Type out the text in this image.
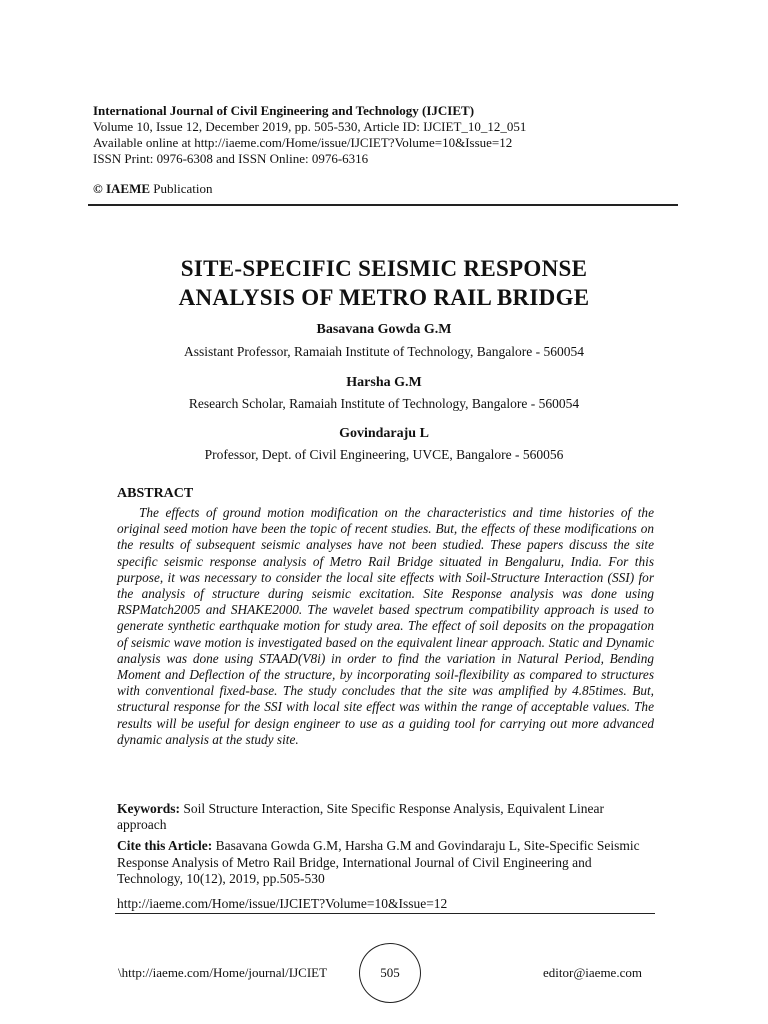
International Journal of Civil Engineering and Technology (IJCIET)
Volume 10, Issue 12, December 2019, pp. 505-530, Article ID: IJCIET_10_12_051
Available online at http://iaeme.com/Home/issue/IJCIET?Volume=10&Issue=12
ISSN Print: 0976-6308 and ISSN Online: 0976-6316
© IAEME Publication
SITE-SPECIFIC SEISMIC RESPONSE
ANALYSIS OF METRO RAIL BRIDGE
Basavana Gowda G.M
Assistant Professor, Ramaiah Institute of Technology, Bangalore - 560054
Harsha G.M
Research Scholar, Ramaiah Institute of Technology, Bangalore - 560054
Govindaraju L
Professor, Dept. of Civil Engineering, UVCE, Bangalore - 560056
ABSTRACT
The effects of ground motion modification on the characteristics and time histories of the original seed motion have been the topic of recent studies. But, the effects of these modifications on the results of subsequent seismic analyses have not been studied. These papers discuss the site specific seismic response analysis of Metro Rail Bridge situated in Bengaluru, India. For this purpose, it was necessary to consider the local site effects with Soil-Structure Interaction (SSI) for the analysis of structure during seismic excitation. Site Response analysis was done using RSPMatch2005 and SHAKE2000. The wavelet based spectrum compatibility approach is used to generate synthetic earthquake motion for study area. The effect of soil deposits on the propagation of seismic wave motion is investigated based on the equivalent linear approach. Static and Dynamic analysis was done using STAAD(V8i) in order to find the variation in Natural Period, Bending Moment and Deflection of the structure, by incorporating soil-flexibility as compared to structures with conventional fixed-base. The study concludes that the site was amplified by 4.85times. But, structural response for the SSI with local site effect was within the range of acceptable values. The results will be useful for design engineer to use as a guiding tool for carrying out more advanced dynamic analysis at the study site.
Keywords: Soil Structure Interaction, Site Specific Response Analysis, Equivalent Linear approach
Cite this Article: Basavana Gowda G.M, Harsha G.M and Govindaraju L, Site-Specific Seismic Response Analysis of Metro Rail Bridge, International Journal of Civil Engineering and Technology, 10(12), 2019, pp.505-530
http://iaeme.com/Home/issue/IJCIET?Volume=10&Issue=12
\http://iaeme.com/Home/journal/IJCIET	505	editor@iaeme.com
